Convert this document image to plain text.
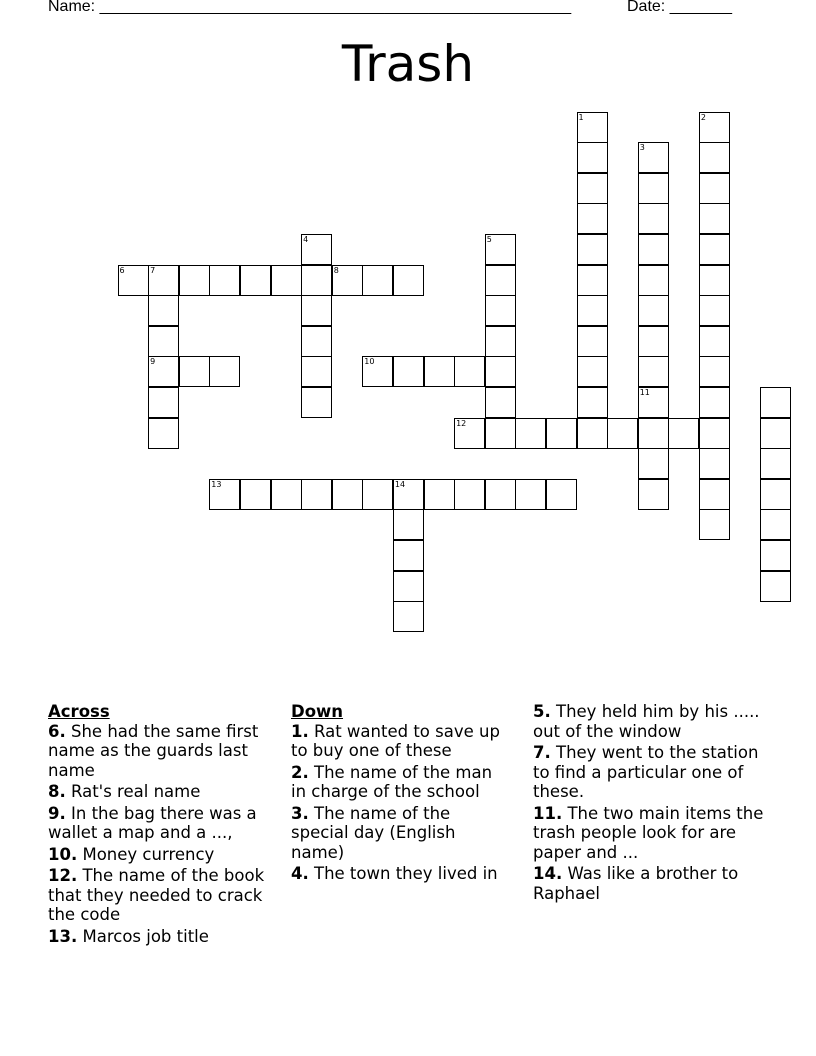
Name: _____________________________________________________	Date: _______
Trash
1	2
3
4	5
6	7	8
9	10
11
12
13	14
Across
6. She had the same first name as the guards last name
8. Rat's real name
9. In the bag there was a wallet a map and a ...,
10. Money currency
12. The name of the book that they needed to crack the code
13. Marcos job title
Down
1. Rat wanted to save up to buy one of these
2. The name of the man in charge of the school
3. The name of the special day (English name)
4. The town they lived in
5. They held him by his ..... out of the window
7. They went to the station to find a particular one of these.
11. The two main items the trash people look for are paper and ...
14. Was like a brother to Raphael
